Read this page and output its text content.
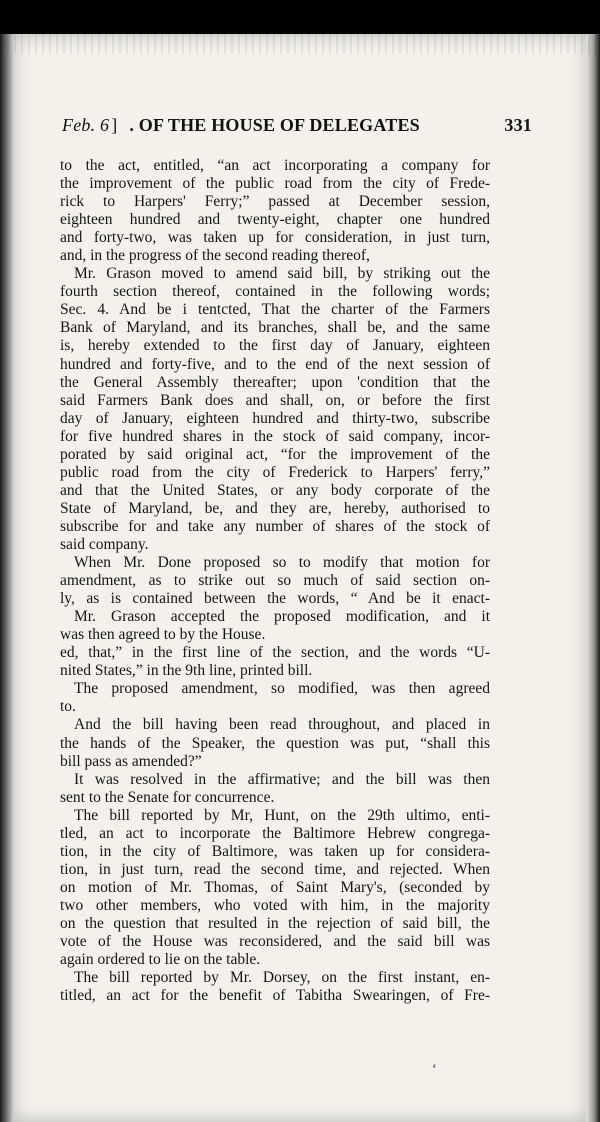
Feb. 6 ] . OF THE HOUSE OF DELEGATES	331
to the act, entitled, “an act incorporating a company for
the improvement of the public road from the city of Frede-
rick to Harpers' Ferry;” passed at December session,
eighteen hundred and twenty-eight, chapter one hundred
and forty-two, was taken up for consideration, in just turn,
and, in the progress of the second reading thereof,
Mr. Grason moved to amend said bill, by striking out the
fourth section thereof, contained in the following words;
Sec. 4. And be i tentcted, That the charter of the Farmers
Bank of Maryland, and its branches, shall be, and the same
is, hereby extended to the first day of January, eighteen
hundred and forty-five, and to the end of the next session of
the General Assembly thereafter; upon 'condition that the
said Farmers Bank does and shall, on, or before the first
day of January, eighteen hundred and thirty-two, subscribe
for five hundred shares in the stock of said company, incor-
porated by said original act, “for the improvement of the
public road from the city of Frederick to Harpers' ferry,”
and that the United States, or any body corporate of the
State of Maryland, be, and they are, hereby, authorised to
subscribe for and take any number of shares of the stock of
said company.
When Mr. Done proposed so to modify that motion for
amendment, as to strike out so much of said section on-
ly, as is contained between the words, “ And be it enact-
Mr. Grason accepted the proposed modification, and it
was then agreed to by the House.
ed, that,” in the first line of the section, and the words “U-
nited States,” in the 9th line, printed bill.
The proposed amendment, so modified, was then agreed
to.
And the bill having been read throughout, and placed in
the hands of the Speaker, the question was put, “shall this
bill pass as amended?”
It was resolved in the affirmative; and the bill was then
sent to the Senate for concurrence.
The bill reported by Mr, Hunt, on the 29th ultimo, enti-
tled, an act to incorporate the Baltimore Hebrew congrega-
tion, in the city of Baltimore, was taken up for considera-
tion, in just turn, read the second time, and rejected. When
on motion of Mr. Thomas, of Saint Mary's, (seconded by
two other members, who voted with him, in the majority
on the question that resulted in the rejection of said bill, the
vote of the House was reconsidered, and the said bill was
again ordered to lie on the table.
The bill reported by Mr. Dorsey, on the first instant, en-
titled, an act for the benefit of Tabitha Swearingen, of Fre-
‘
